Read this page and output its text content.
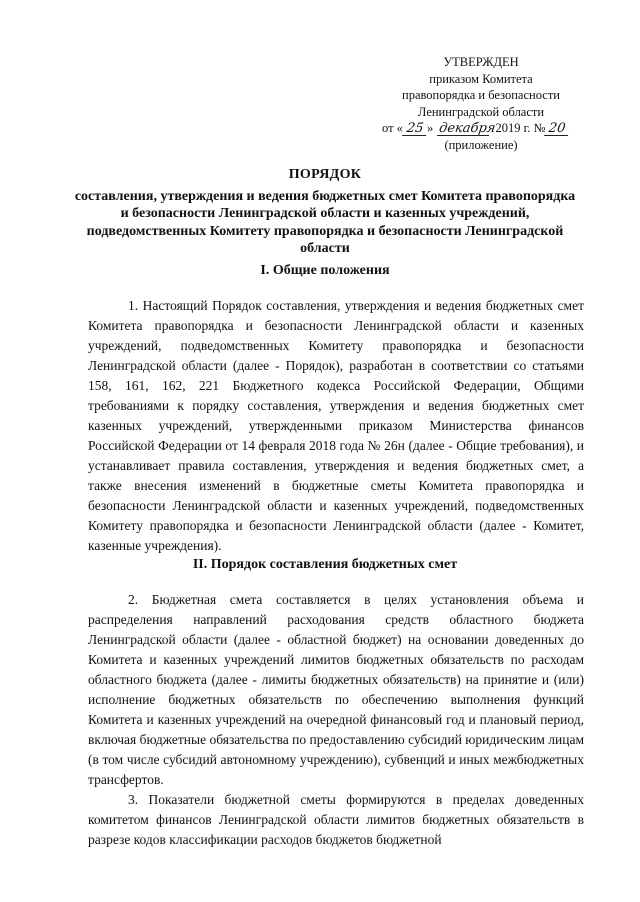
УТВЕРЖДЕН
приказом Комитета
правопорядка и безопасности
Ленинградской области
от « 25 » декабря 2019 г. № 20
(приложение)
ПОРЯДОК
составления, утверждения и ведения бюджетных смет Комитета правопорядка и безопасности Ленинградской области и казенных учреждений, подведомственных Комитету правопорядка и безопасности Ленинградской области
I. Общие положения

1. Настоящий Порядок составления, утверждения и ведения бюджетных смет Комитета правопорядка и безопасности Ленинградской области и казенных учреждений, подведомственных Комитету правопорядка и безопасности Ленинградской области (далее - Порядок), разработан в соответствии со статьями 158, 161, 162, 221 Бюджетного кодекса Российской Федерации, Общими требованиями к порядку составления, утверждения и ведения бюджетных смет казенных учреждений, утвержденными приказом Министерства финансов Российской Федерации от 14 февраля 2018 года № 26н (далее - Общие требования), и устанавливает правила составления, утверждения и ведения бюджетных смет, а также внесения изменений в бюджетные сметы Комитета правопорядка и безопасности Ленинградской области и казенных учреждений, подведомственных Комитету правопорядка и безопасности Ленинградской области (далее - Комитет, казенные учреждения).

II. Порядок составления бюджетных смет

2. Бюджетная смета составляется в целях установления объема и распределения направлений расходования средств областного бюджета Ленинградской области (далее - областной бюджет) на основании доведенных до Комитета и казенных учреждений лимитов бюджетных обязательств по расходам областного бюджета (далее - лимиты бюджетных обязательств) на принятие и (или) исполнение бюджетных обязательств по обеспечению выполнения функций Комитета и казенных учреждений на очередной финансовый год и плановый период, включая бюджетные обязательства по предоставлению субсидий юридическим лицам (в том числе субсидий автономному учреждению), субвенций и иных межбюджетных трансфертов.

3. Показатели бюджетной сметы формируются в пределах доведенных комитетом финансов Ленинградской области лимитов бюджетных обязательств в разрезе кодов классификации расходов бюджетов бюджетной
